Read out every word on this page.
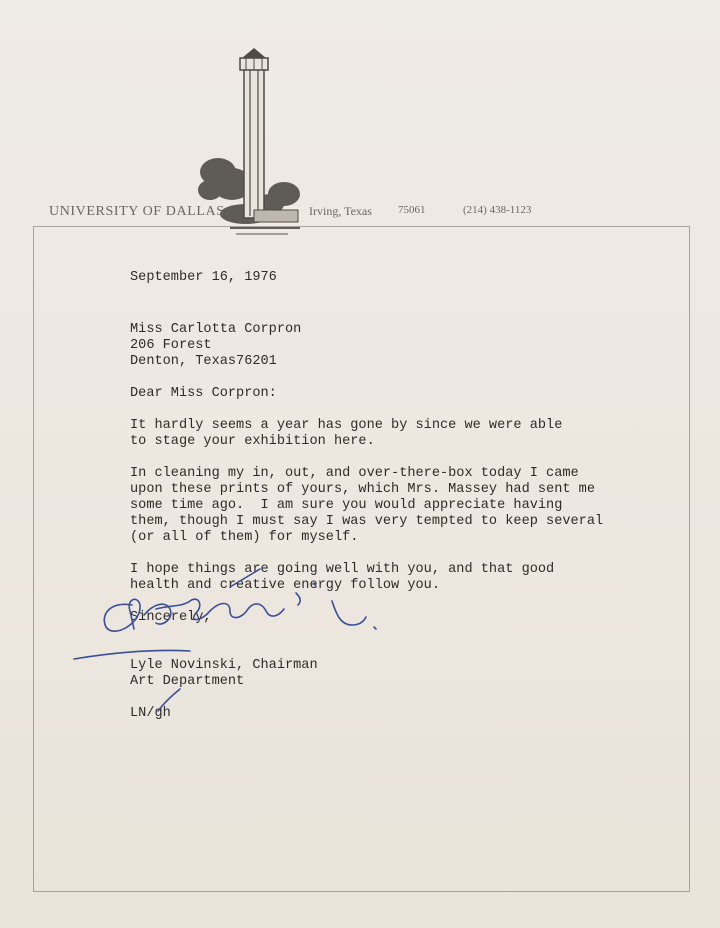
UNIVERSITY OF DALLAS	Irving, Texas 75061	(214) 438-1123

September 16, 1976

Miss Carlotta Corpron

206 Forest

Denton, Texas76201

Dear Miss Corpron:

It hardly seems a year has gone by since we were able

to stage your exhibition here.

In cleaning my in, out, and over-there-box today I came

upon these prints of yours, which Mrs. Massey had sent me

some time ago.  I am sure you would appreciate having

them, though I must say I was very tempted to keep several

(or all of them) for myself.

I hope things are going well with you, and that good

health and creative energy follow you.

Sincerely,

Lyle Novinski, Chairman

Art Department

LN/gh
